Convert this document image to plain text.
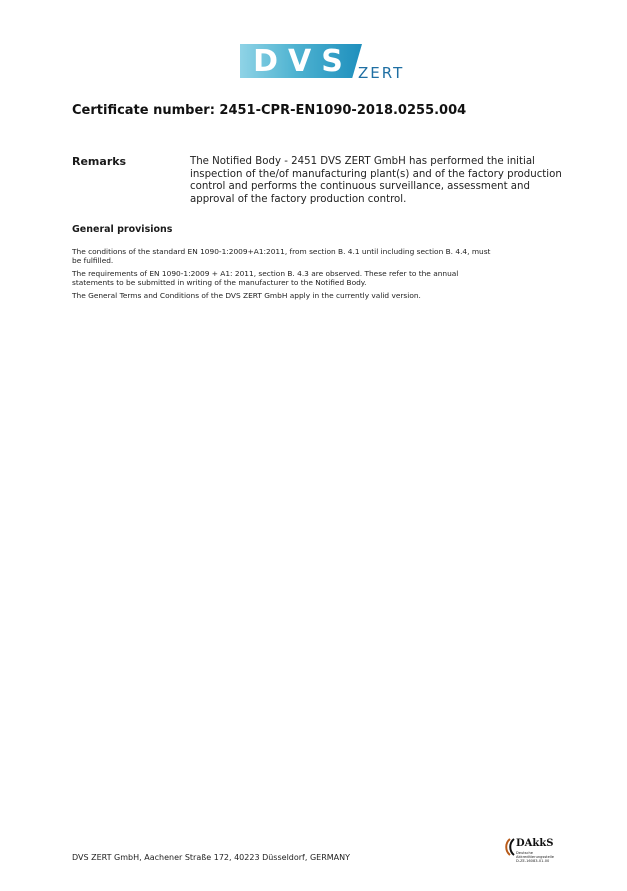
DVS ZERT
Certificate number: 2451-CPR-EN1090-2018.0255.004
Remarks	The Notified Body - 2451 DVS ZERT GmbH has performed the initial inspection of the/of manufacturing plant(s) and of the factory production control and performs the continuous surveillance, assessment and approval of the factory production control.
General provisions

The conditions of the standard EN 1090-1:2009+A1:2011, from section B. 4.1 until including section B. 4.4, must be fulfilled.

The requirements of EN 1090-1:2009 + A1: 2011, section B. 4.3 are observed. These refer to the annual statements to be submitted in writing of the manufacturer to the Notified Body.

The General Terms and Conditions of the DVS ZERT GmbH apply in the currently valid version.

DVS ZERT GmbH, Aachener Straße 172, 40223 Düsseldorf, GERMANY
DAkkS
Deutsche
Akkreditierungsstelle
D-ZE-16083-01-00
